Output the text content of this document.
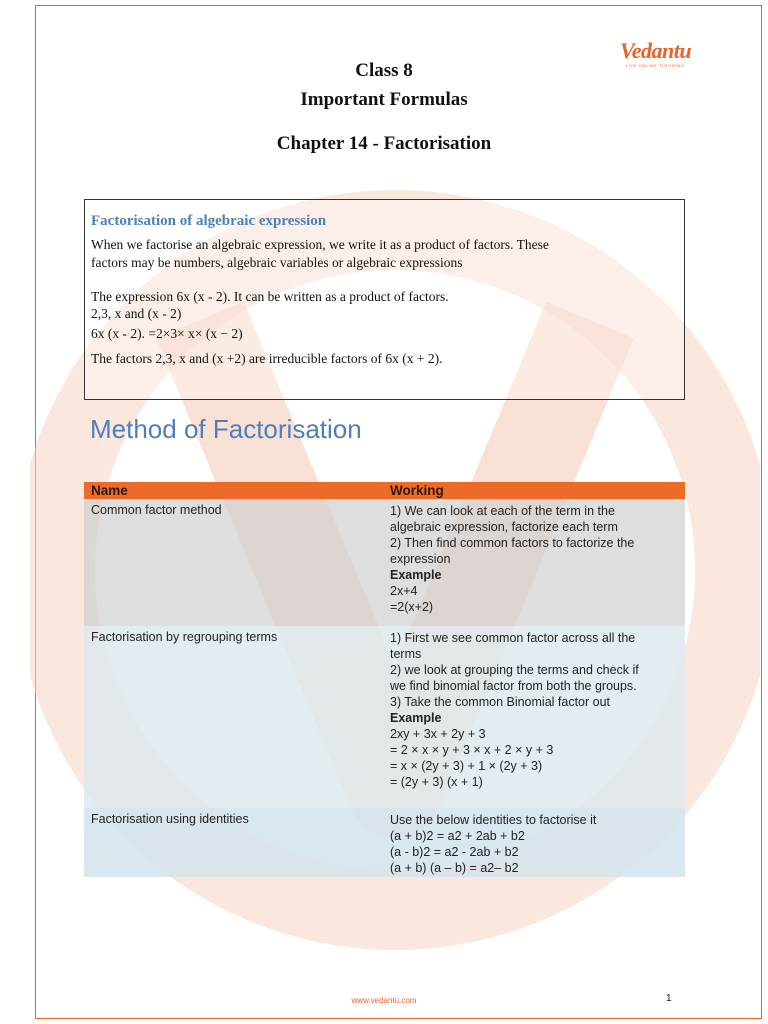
Vedantu
LIVE ONLINE TUTORING
Class 8
Important Formulas
Chapter 14 - Factorisation
Factorisation of algebraic expression
When we factorise an algebraic expression, we write it as a product of factors. These
factors may be numbers, algebraic variables or algebraic expressions
The expression 6x (x - 2). It can be written as a product of factors.
2,3, x and (x - 2)
6x (x - 2). =2×3× x× (x − 2)
The factors 2,3, x and (x +2) are irreducible factors of 6x (x + 2).
Method of Factorisation
Name	Working
Common factor method	1) We can look at each of the term in the
algebraic expression, factorize each term
2) Then find common factors to factorize the
expression
Example
2x+4
=2(x+2)
Factorisation by regrouping terms	1) First we see common factor across all the
terms
2) we look at grouping the terms and check if
we find binomial factor from both the groups.
3) Take the common Binomial factor out
Example
2xy + 3x + 2y + 3
= 2 × x × y + 3 × x + 2 × y + 3
= x × (2y + 3) + 1 × (2y + 3)
= (2y + 3) (x + 1)
Factorisation using identities	Use the below identities to factorise it
(a + b)2 = a2 + 2ab + b2
(a - b)2 = a2 - 2ab + b2
(a + b) (a – b) = a2– b2
www.vedantu.com	1
